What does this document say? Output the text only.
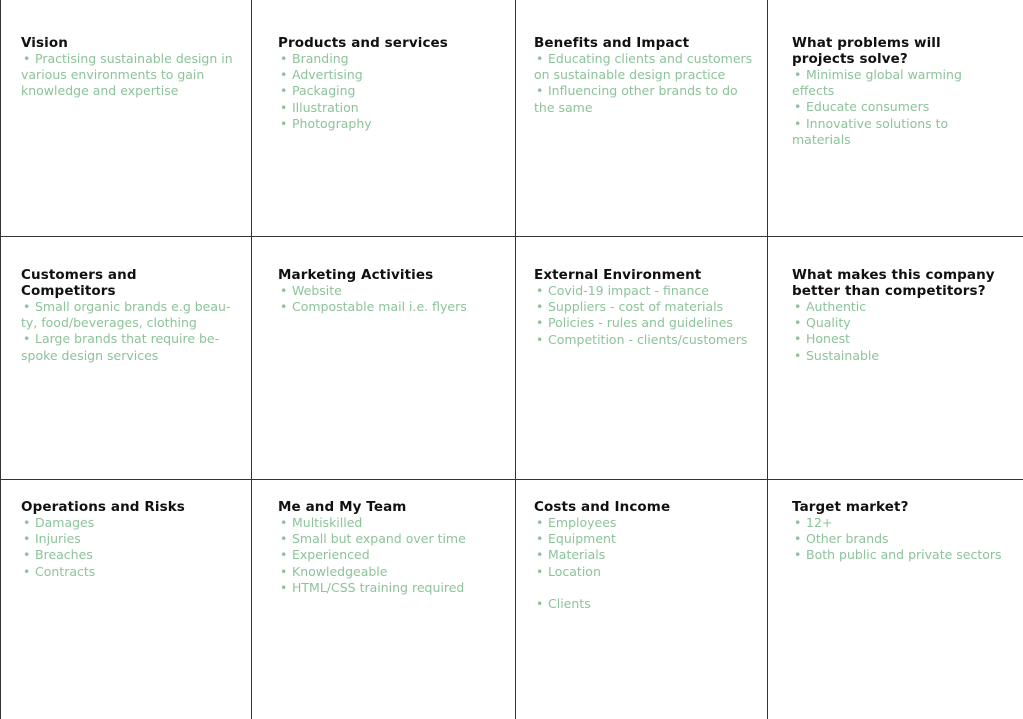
Vision
• Practising sustainable design in various environments to gain knowledge and expertise
Products and services
• Branding
• Advertising
• Packaging
• Illustration
• Photography
Benefits and Impact
• Educating clients and customers on sustainable design practice
• Influencing other brands to do the same
What problems will projects solve?
• Minimise global warming effects
• Educate consumers
• Innovative solutions to materials
Customers and Competitors
• Small organic brands e.g beau-ty, food/beverages, clothing
• Large brands that require be-spoke design services
Marketing Activities
• Website
• Compostable mail i.e. flyers
External Environment
• Covid-19 impact - finance
• Suppliers - cost of materials
• Policies - rules and guidelines
• Competition - clients/customers
What makes this company better than competitors?
• Authentic
• Quality
• Honest
• Sustainable
Operations and Risks
• Damages
• Injuries
• Breaches
• Contracts
Me and My Team
• Multiskilled
• Small but expand over time
• Experienced
• Knowledgeable
• HTML/CSS training required
Costs and Income
• Employees
• Equipment
• Materials
• Location
• Clients
Target market?
• 12+
• Other brands
• Both public and private sectors
